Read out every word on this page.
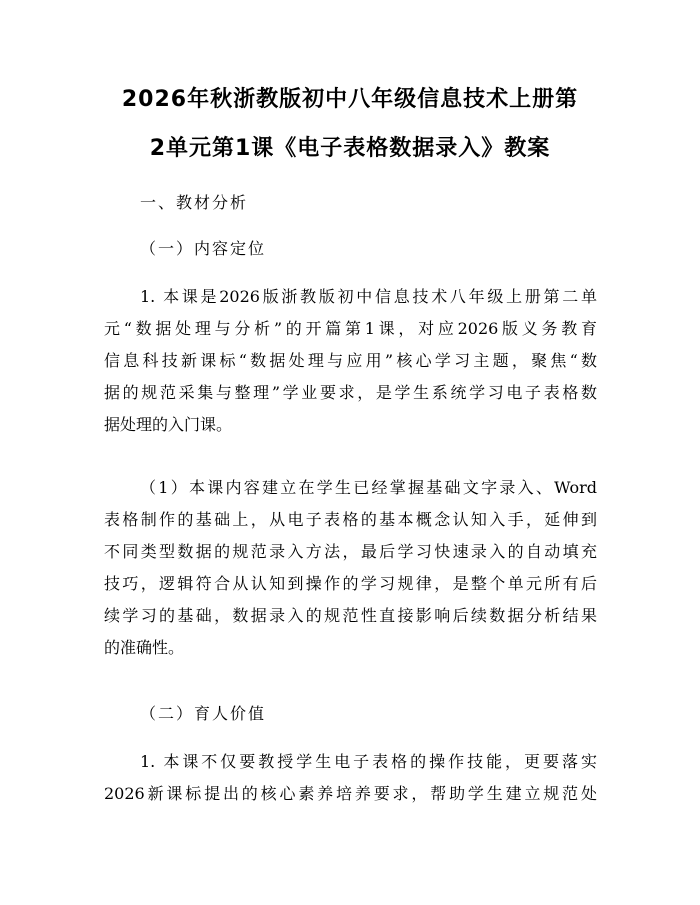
2026年秋浙教版初中八年级信息技术上册第
2单元第1课《电子表格数据录入》教案
一、教材分析
（一）内容定位
1. 本课是2026版浙教版初中信息技术八年级上册第二单
元“数据处理与分析”的开篇第1课，对应2026版义务教育
信息科技新课标“数据处理与应用”核心学习主题，聚焦“数
据的规范采集与整理”学业要求，是学生系统学习电子表格数
据处理的入门课。
（1）本课内容建立在学生已经掌握基础文字录入、Word
表格制作的基础上，从电子表格的基本概念认知入手，延伸到
不同类型数据的规范录入方法，最后学习快速录入的自动填充
技巧，逻辑符合从认知到操作的学习规律，是整个单元所有后
续学习的基础，数据录入的规范性直接影响后续数据分析结果
的准确性。
（二）育人价值
1. 本课不仅要教授学生电子表格的操作技能，更要落实
2026新课标提出的核心素养培养要求，帮助学生建立规范处
